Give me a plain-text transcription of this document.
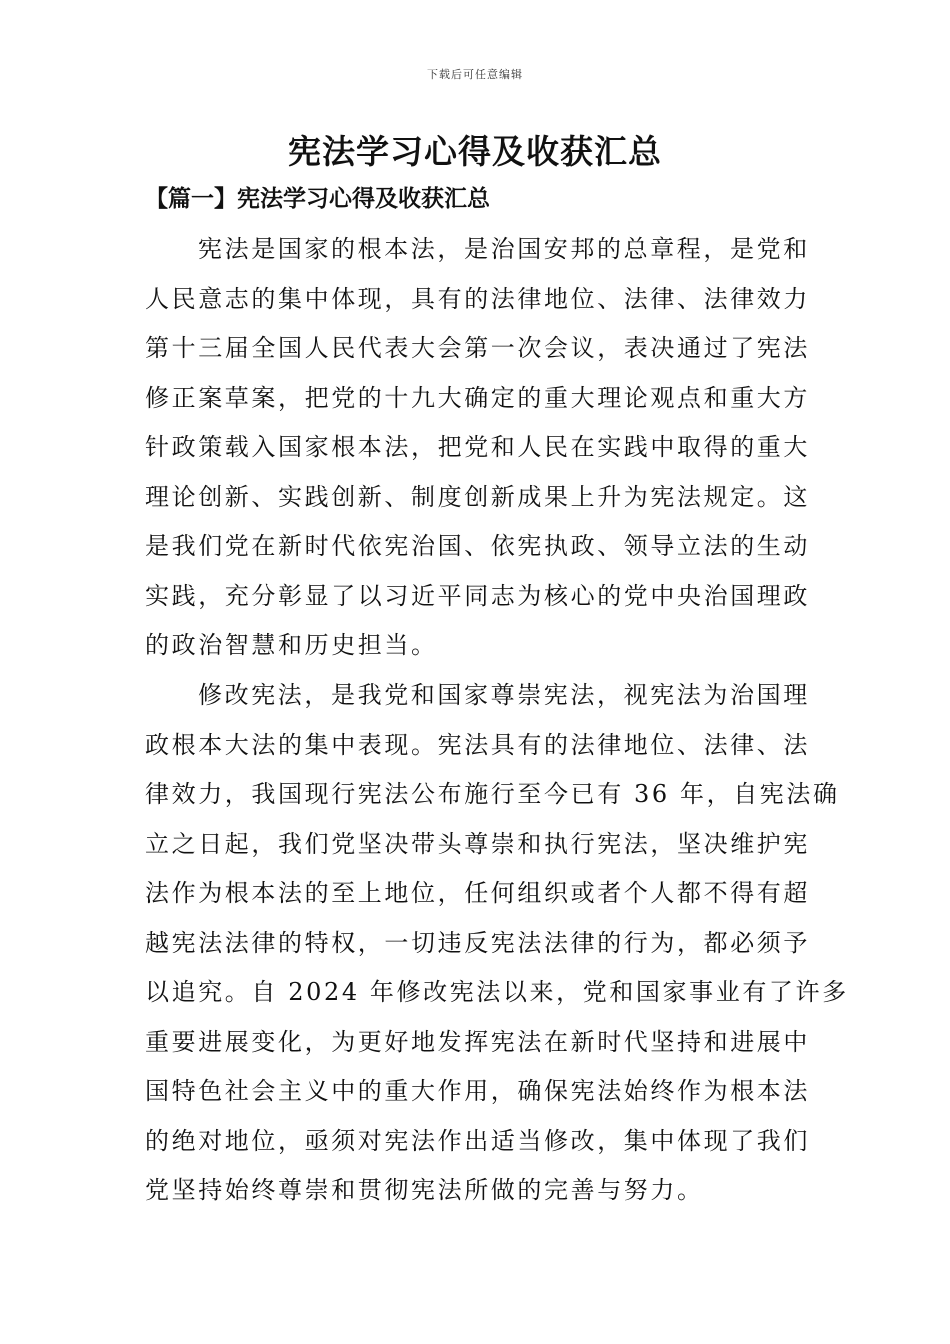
下载后可任意编辑
宪法学习心得及收获汇总
【篇一】宪法学习心得及收获汇总
宪法是国家的根本法，是治国安邦的总章程，是党和
人民意志的集中体现，具有的法律地位、法律、法律效力
第十三届全国人民代表大会第一次会议，表决通过了宪法
修正案草案，把党的十九大确定的重大理论观点和重大方
针政策载入国家根本法，把党和人民在实践中取得的重大
理论创新、实践创新、制度创新成果上升为宪法规定。这
是我们党在新时代依宪治国、依宪执政、领导立法的生动
实践，充分彰显了以习近平同志为核心的党中央治国理政
的政治智慧和历史担当。
修改宪法，是我党和国家尊崇宪法，视宪法为治国理
政根本大法的集中表现。宪法具有的法律地位、法律、法
律效力，我国现行宪法公布施行至今已有 36 年，自宪法确
立之日起，我们党坚决带头尊崇和执行宪法，坚决维护宪
法作为根本法的至上地位，任何组织或者个人都不得有超
越宪法法律的特权，一切违反宪法法律的行为，都必须予
以追究。自 2024 年修改宪法以来，党和国家事业有了许多
重要进展变化，为更好地发挥宪法在新时代坚持和进展中
国特色社会主义中的重大作用，确保宪法始终作为根本法
的绝对地位，亟须对宪法作出适当修改，集中体现了我们
党坚持始终尊崇和贯彻宪法所做的完善与努力。
